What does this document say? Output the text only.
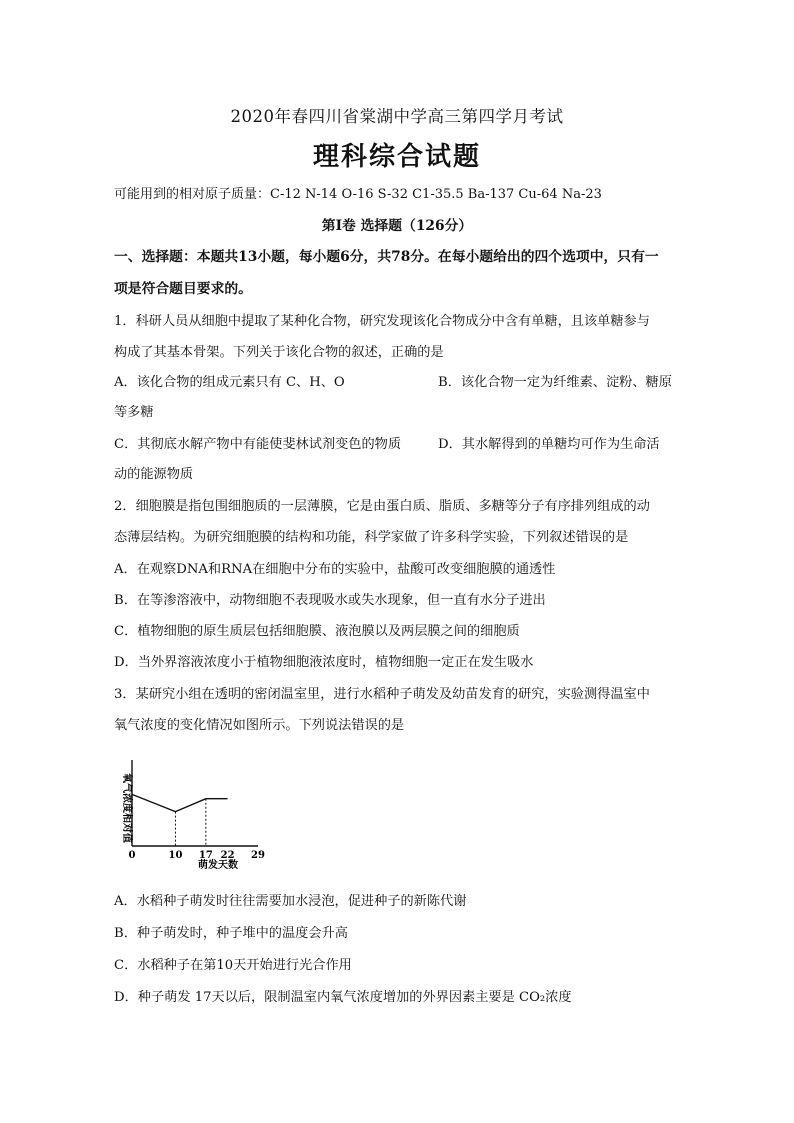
2020年春四川省棠湖中学高三第四学月考试
理科综合试题
可能用到的相对原子质量：C-12 N-14 O-16 S-32 C1-35.5 Ba-137 Cu-64 Na-23
第I卷 选择题（126分）
一、选择题：本题共13小题，每小题6分，共78分。在每小题给出的四个选项中，只有一
项是符合题目要求的。
1．科研人员从细胞中提取了某种化合物，研究发现该化合物成分中含有单糖，且该单糖参与
构成了其基本骨架。下列关于该化合物的叙述，正确的是
A．该化合物的组成元素只有 C、H、O	B．该化合物一定为纤维素、淀粉、糖原
等多糖
C．其彻底水解产物中有能使斐林试剂变色的物质	D．其水解得到的单糖均可作为生命活
动的能源物质
2．细胞膜是指包围细胞质的一层薄膜，它是由蛋白质、脂质、多糖等分子有序排列组成的动
态薄层结构。为研究细胞膜的结构和功能，科学家做了许多科学实验，下列叙述错误的是
A．在观察DNA和RNA在细胞中分布的实验中，盐酸可改变细胞膜的通透性
B．在等渗溶液中，动物细胞不表现吸水或失水现象，但一直有水分子进出
C．植物细胞的原生质层包括细胞膜、液泡膜以及两层膜之间的细胞质
D．当外界溶液浓度小于植物细胞液浓度时，植物细胞一定正在发生吸水
3．某研究小组在透明的密闭温室里，进行水稻种子萌发及幼苗发育的研究，实验测得温室中
氧气浓度的变化情况如图所示。下列说法错误的是
氧气浓度相对值
0	10 17 22 29
萌发天数
A．水稻种子萌发时往往需要加水浸泡，促进种子的新陈代谢
B．种子萌发时，种子堆中的温度会升高
C．水稻种子在第10天开始进行光合作用
D．种子萌发 17天以后，限制温室内氧气浓度增加的外界因素主要是 CO₂浓度
